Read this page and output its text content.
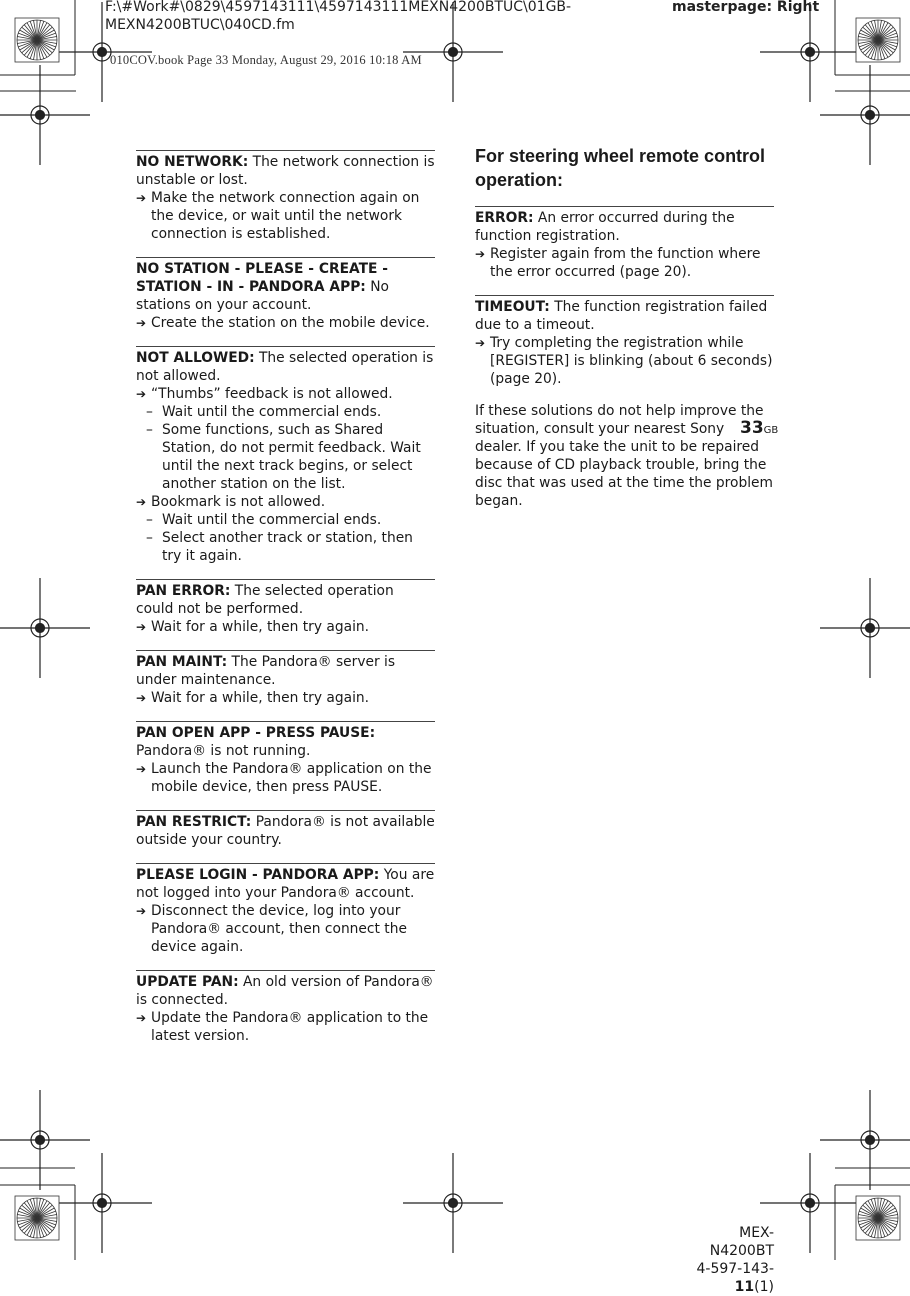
F:\#Work#\0829\4597143111\4597143111MEXN4200BTUC\01GB-
MEXN4200BTUC\040CD.fm
masterpage: Right
010COV.book Page 33 Monday, August 29, 2016 10:18 AM
NO NETWORK: The network connection is unstable or lost.
➔ Make the network connection again on the device, or wait until the network connection is established.
NO STATION - PLEASE - CREATE - STATION - IN - PANDORA APP: No stations on your account.
➔ Create the station on the mobile device.
NOT ALLOWED: The selected operation is not allowed.
➔ “Thumbs” feedback is not allowed.
– Wait until the commercial ends.
– Some functions, such as Shared Station, do not permit feedback. Wait until the next track begins, or select another station on the list.
➔ Bookmark is not allowed.
– Wait until the commercial ends.
– Select another track or station, then try it again.
PAN ERROR: The selected operation could not be performed.
➔ Wait for a while, then try again.
PAN MAINT: The Pandora® server is under maintenance.
➔ Wait for a while, then try again.
PAN OPEN APP - PRESS PAUSE: Pandora® is not running.
➔ Launch the Pandora® application on the mobile device, then press PAUSE.
PAN RESTRICT: Pandora® is not available outside your country.
PLEASE LOGIN - PANDORA APP: You are not logged into your Pandora® account.
➔ Disconnect the device, log into your Pandora® account, then connect the device again.
UPDATE PAN: An old version of Pandora® is connected.
➔ Update the Pandora® application to the latest version.
For steering wheel remote control operation:
ERROR: An error occurred during the function registration.
➔ Register again from the function where the error occurred (page 20).
TIMEOUT: The function registration failed due to a timeout.
➔ Try completing the registration while [REGISTER] is blinking (about 6 seconds) (page 20).
If these solutions do not help improve the situation, consult your nearest Sony dealer. If you take the unit to be repaired because of CD playback trouble, bring the disc that was used at the time the problem began.
33GB
MEX-N4200BT
4-597-143-11(1)
